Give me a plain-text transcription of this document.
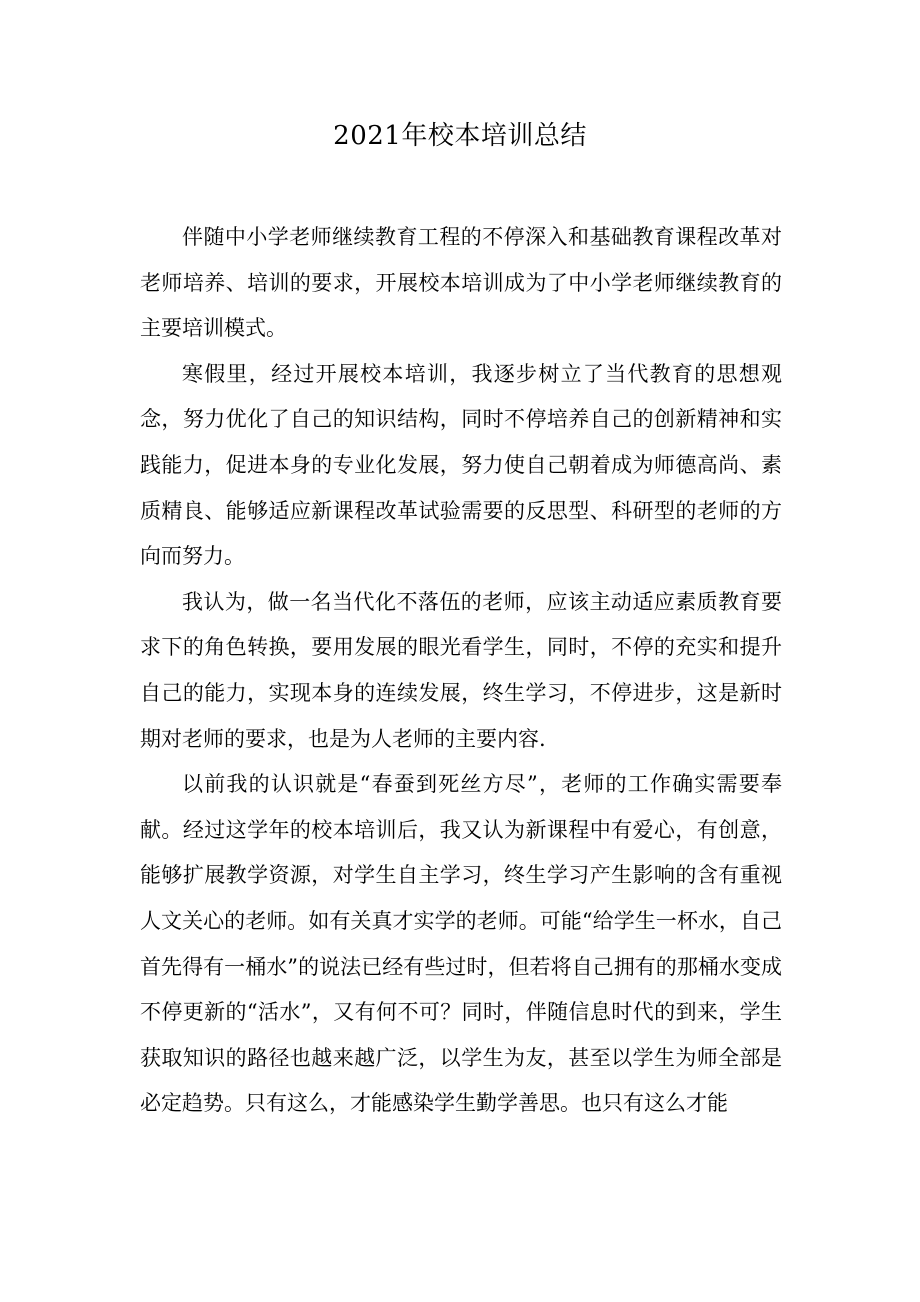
2021年校本培训总结

伴随中小学老师继续教育工程的不停深入和基础教育课程改革对老师培养、培训的要求，开展校本培训成为了中小学老师继续教育的主要培训模式。

寒假里，经过开展校本培训，我逐步树立了当代教育的思想观念，努力优化了自己的知识结构，同时不停培养自己的创新精神和实践能力，促进本身的专业化发展，努力使自己朝着成为师德高尚、素质精良、能够适应新课程改革试验需要的反思型、科研型的老师的方向而努力。

我认为，做一名当代化不落伍的老师，应该主动适应素质教育要求下的角色转换，要用发展的眼光看学生，同时，不停的充实和提升自己的能力，实现本身的连续发展，终生学习，不停进步，这是新时期对老师的要求，也是为人老师的主要内容.

以前我的认识就是“春蚕到死丝方尽”，老师的工作确实需要奉献。经过这学年的校本培训后，我又认为新课程中有爱心，有创意，能够扩展教学资源，对学生自主学习，终生学习产生影响的含有重视人文关心的老师。如有关真才实学的老师。可能“给学生一杯水，自己首先得有一桶水”的说法已经有些过时，但若将自己拥有的那桶水变成不停更新的“活水”，又有何不可？同时，伴随信息时代的到来，学生获取知识的路径也越来越广泛，以学生为友，甚至以学生为师全部是必定趋势。只有这么，才能感染学生勤学善思。也只有这么才能
